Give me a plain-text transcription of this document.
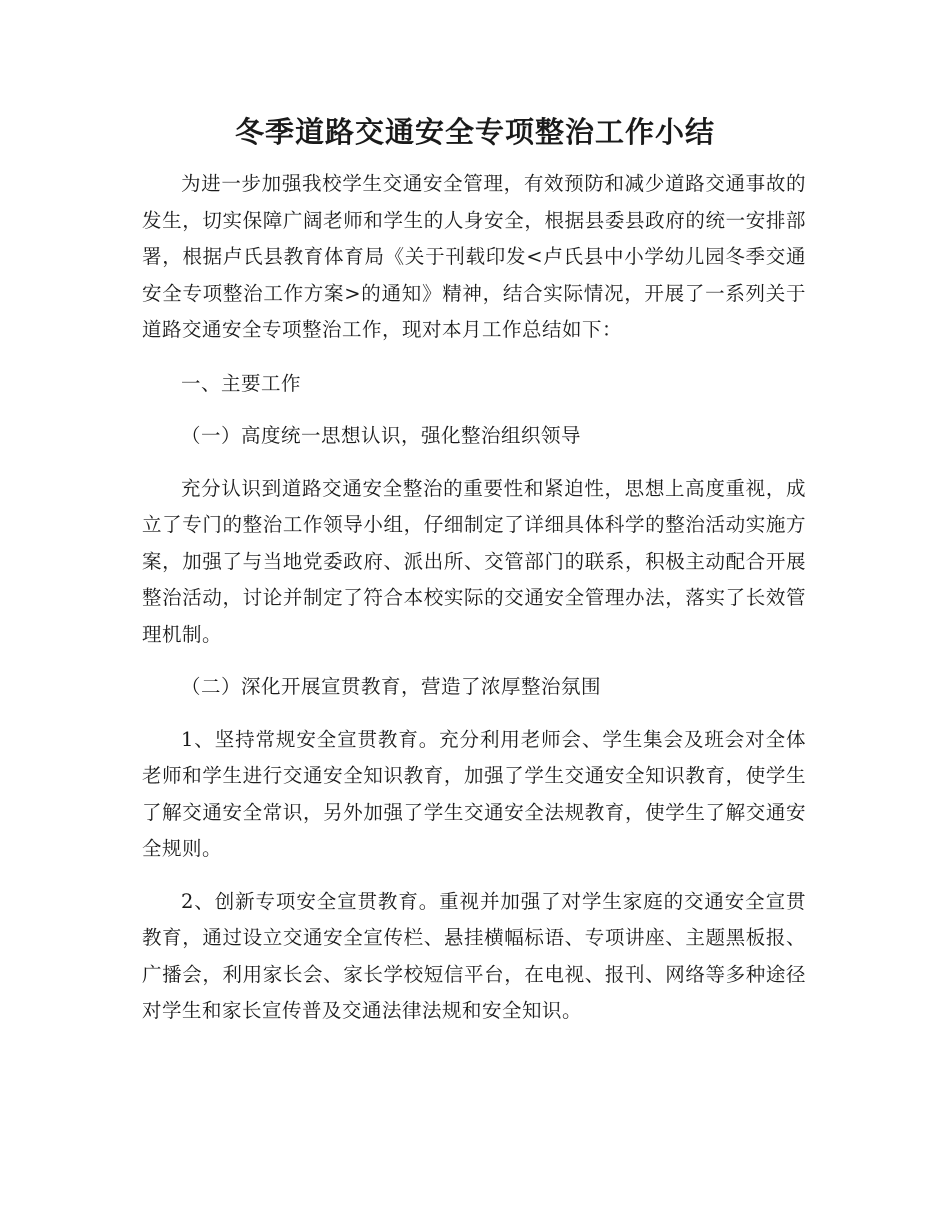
冬季道路交通安全专项整治工作小结

为进一步加强我校学生交通安全管理，有效预防和减少道路交通事故的发生，切实保障广阔老师和学生的人身安全，根据县委县政府的统一安排部署，根据卢氏县教育体育局《关于刊载印发<卢氏县中小学幼儿园冬季交通安全专项整治工作方案>的通知》精神，结合实际情况，开展了一系列关于道路交通安全专项整治工作，现对本月工作总结如下：

一、主要工作

（一）高度统一思想认识，强化整治组织领导

充分认识到道路交通安全整治的重要性和紧迫性，思想上高度重视，成立了专门的整治工作领导小组，仔细制定了详细具体科学的整治活动实施方案，加强了与当地党委政府、派出所、交管部门的联系，积极主动配合开展整治活动，讨论并制定了符合本校实际的交通安全管理办法，落实了长效管理机制。

（二）深化开展宣贯教育，营造了浓厚整治氛围

1、坚持常规安全宣贯教育。充分利用老师会、学生集会及班会对全体老师和学生进行交通安全知识教育，加强了学生交通安全知识教育，使学生了解交通安全常识，另外加强了学生交通安全法规教育，使学生了解交通安全规则。

2、创新专项安全宣贯教育。重视并加强了对学生家庭的交通安全宣贯教育，通过设立交通安全宣传栏、悬挂横幅标语、专项讲座、主题黑板报、广播会，利用家长会、家长学校短信平台，在电视、报刊、网络等多种途径对学生和家长宣传普及交通法律法规和安全知识。
